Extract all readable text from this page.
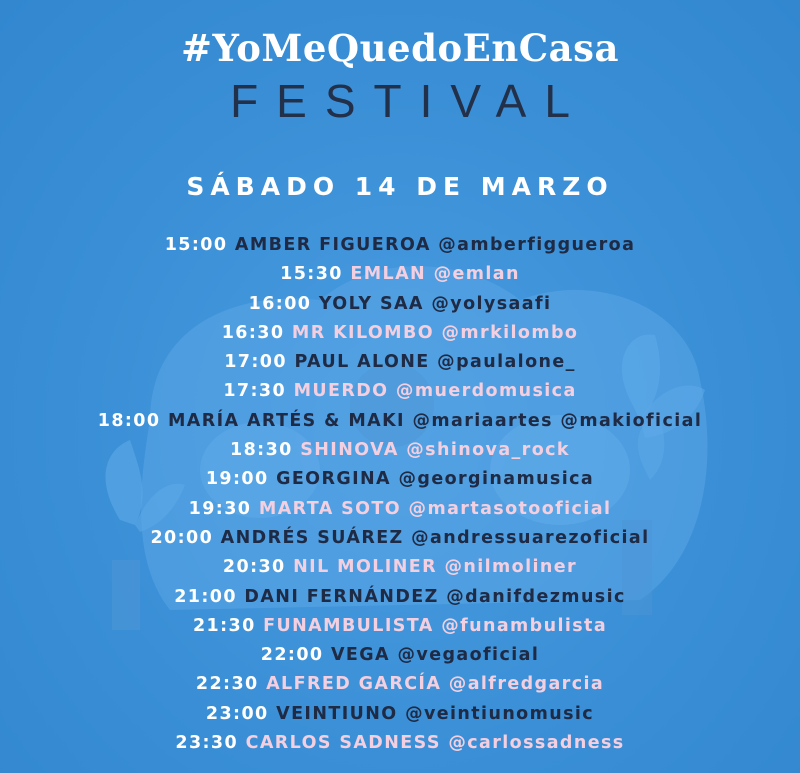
#YoMeQuedoEnCasa
FESTIVAL
SÁBADO 14 DE MARZO
15:00 AMBER FIGUEROA @amberfiggueroa
15:30 EMLAN @emlan
16:00 YOLY SAA @yolysaafi
16:30 MR KILOMBO @mrkilombo
17:00 PAUL ALONE @paulalone_
17:30 MUERDO @muerdomusica
18:00 MARÍA ARTÉS & MAKI @mariaartes @makioficial
18:30 SHINOVA @shinova_rock
19:00 GEORGINA @georginamusica
19:30 MARTA SOTO @martasotooficial
20:00 ANDRÉS SUÁREZ @andressuarezoficial
20:30 NIL MOLINER @nilmoliner
21:00 DANI FERNÁNDEZ @danifdezmusic
21:30 FUNAMBULISTA @funambulista
22:00 VEGA @vegaoficial
22:30 ALFRED GARCÍA @alfredgarcia
23:00 VEINTIUNO @veintiunomusic
23:30 CARLOS SADNESS @carlossadness
